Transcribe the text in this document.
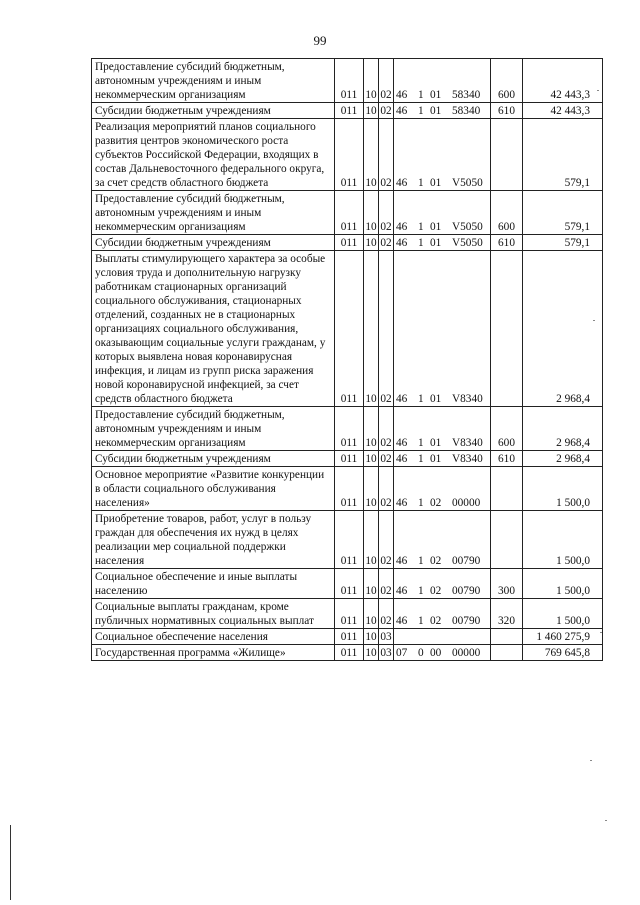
99
Предоставление субсидий бюджетным, автономным учреждениям и иным некоммерческим организациям	011	10	02	46 1 01 58340	600	42 443,3
Субсидии бюджетным учреждениям	011	10	02	46 1 01 58340	610	42 443,3
Реализация мероприятий планов социального развития центров экономического роста субъектов Российской Федерации, входящих в состав Дальневосточного федерального округа, за счет средств областного бюджета	011	10	02	46 1 01 V5050		579,1
Предоставление субсидий бюджетным, автономным учреждениям и иным некоммерческим организациям	011	10	02	46 1 01 V5050	600	579,1
Субсидии бюджетным учреждениям	011	10	02	46 1 01 V5050	610	579,1
Выплаты стимулирующего характера за особые условия труда и дополнительную нагрузку работникам стационарных организаций социального обслуживания, стационарных отделений, созданных не в стационарных организациях социального обслуживания, оказывающим социальные услуги гражданам, у которых выявлена новая коронавирусная инфекция, и лицам из групп риска заражения новой коронавирусной инфекцией, за счет средств областного бюджета	011	10	02	46 1 01 V8340		2 968,4
Предоставление субсидий бюджетным, автономным учреждениям и иным некоммерческим организациям	011	10	02	46 1 01 V8340	600	2 968,4
Субсидии бюджетным учреждениям	011	10	02	46 1 01 V8340	610	2 968,4
Основное мероприятие «Развитие конкуренции в области социального обслуживания населения»	011	10	02	46 1 02 00000		1 500,0
Приобретение товаров, работ, услуг в пользу граждан для обеспечения их нужд в целях реализации мер социальной поддержки населения	011	10	02	46 1 02 00790		1 500,0
Социальное обеспечение и иные выплаты населению	011	10	02	46 1 02 00790	300	1 500,0
Социальные выплаты гражданам, кроме публичных нормативных социальных выплат	011	10	02	46 1 02 00790	320	1 500,0
Социальное обеспечение населения	011	10	03			1 460 275,9
Государственная программа «Жилище»	011	10	03	07 0 00 00000		769 645,8
